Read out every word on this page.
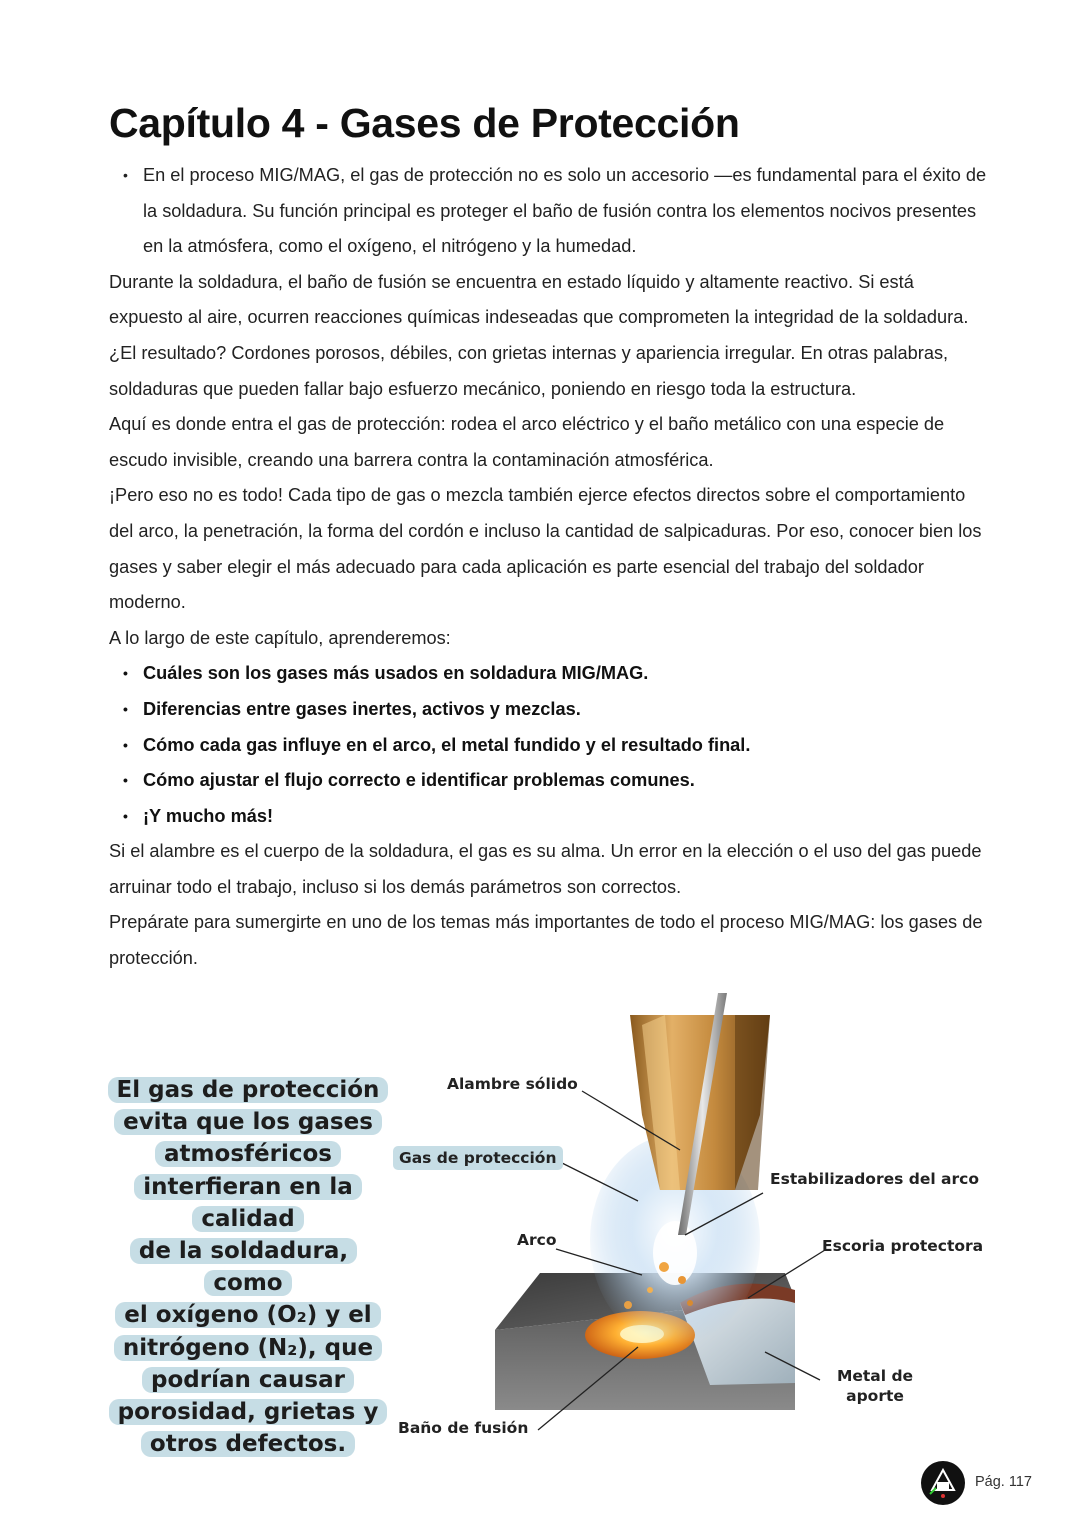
Capítulo 4 - Gases de Protección

• En el proceso MIG/MAG, el gas de protección no es solo un accesorio —es fundamental para el éxito de la soldadura. Su función principal es proteger el baño de fusión contra los elementos nocivos presentes en la atmósfera, como el oxígeno, el nitrógeno y la humedad.

Durante la soldadura, el baño de fusión se encuentra en estado líquido y altamente reactivo. Si está expuesto al aire, ocurren reacciones químicas indeseadas que comprometen la integridad de la soldadura. ¿El resultado? Cordones porosos, débiles, con grietas internas y apariencia irregular. En otras palabras, soldaduras que pueden fallar bajo esfuerzo mecánico, poniendo en riesgo toda la estructura.

Aquí es donde entra el gas de protección: rodea el arco eléctrico y el baño metálico con una especie de escudo invisible, creando una barrera contra la contaminación atmosférica.

¡Pero eso no es todo! Cada tipo de gas o mezcla también ejerce efectos directos sobre el comportamiento del arco, la penetración, la forma del cordón e incluso la cantidad de salpicaduras. Por eso, conocer bien los gases y saber elegir el más adecuado para cada aplicación es parte esencial del trabajo del soldador moderno.

A lo largo de este capítulo, aprenderemos:

• Cuáles son los gases más usados en soldadura MIG/MAG.

• Diferencias entre gases inertes, activos y mezclas.

• Cómo cada gas influye en el arco, el metal fundido y el resultado final.

• Cómo ajustar el flujo correcto e identificar problemas comunes.

• ¡Y mucho más!

Si el alambre es el cuerpo de la soldadura, el gas es su alma. Un error en la elección o el uso del gas puede arruinar todo el trabajo, incluso si los demás parámetros son correctos.

Prepárate para sumergirte en uno de los temas más importantes de todo el proceso MIG/MAG: los gases de protección.

El gas de protección
evita que los gases
atmosféricos
interfieran en la calidad
de la soldadura, como
el oxígeno (O₂) y el
nitrógeno (N₂), que
podrían causar
porosidad, grietas y
otros defectos.
Alambre sólido
Gas de protección
Estabilizadores del arco
Arco	Escoria protectora
Metal de
aporte
Baño de fusión
Pág. 117
